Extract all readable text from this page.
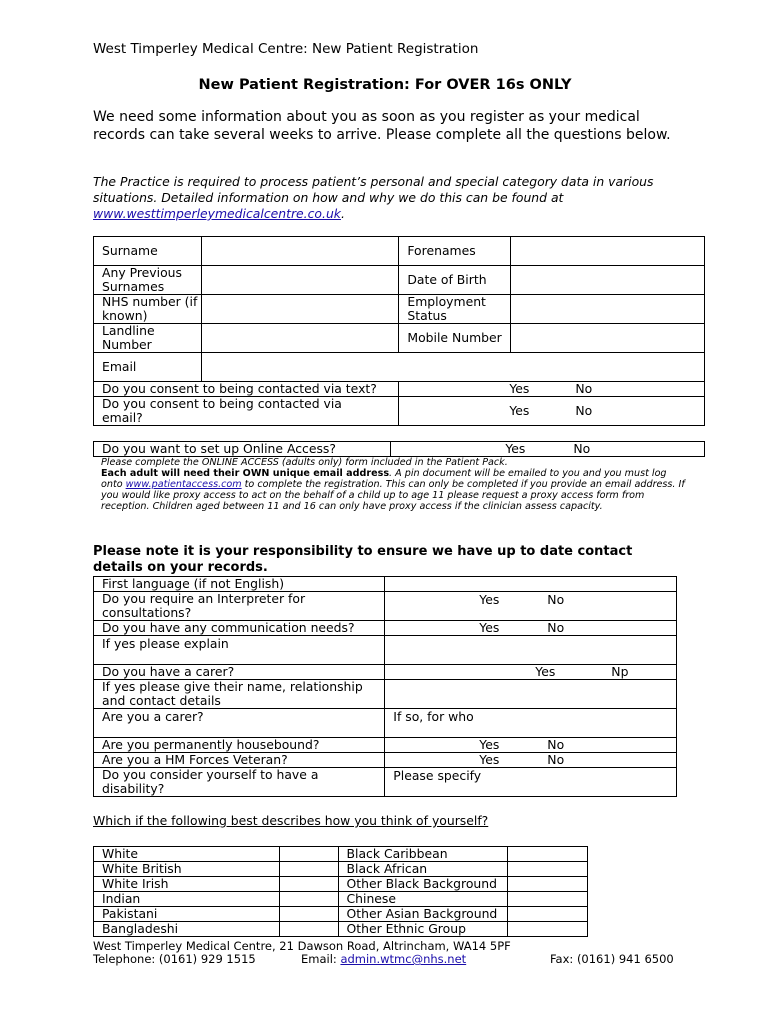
West Timperley Medical Centre: New Patient Registration
New Patient Registration: For OVER 16s ONLY
We need some information about you as soon as you register as your medical records can take several weeks to arrive. Please complete all the questions below.
The Practice is required to process patient’s personal and special category data in various situations. Detailed information on how and why we do this can be found at www.westtimperleymedicalcentre.co.uk.
Surname		Forenames	
Any Previous Surnames		Date of Birth	
NHS number (if known)		Employment Status	
Landline Number		Mobile Number	
Email			
Do you consent to being contacted via text?		Yes No	
Do you consent to being contacted via email?		Yes No	
Do you want to set up Online Access?	Yes	No
Please complete the ONLINE ACCESS (adults only) form included in the Patient Pack.
Each adult will need their OWN unique email address. A pin document will be emailed to you and you must log onto www.patientaccess.com to complete the registration. This can only be completed if you provide an email address. If you would like proxy access to act on the behalf of a child up to age 11 please request a proxy access form from reception. Children aged between 11 and 16 can only have proxy access if the clinician assess capacity.
Please note it is your responsibility to ensure we have up to date contact details on your records.
First language (if not English)	
Do you require an Interpreter for consultations?	Yes No
Do you have any communication needs?	Yes No
If yes please explain	
Do you have a carer?	Yes Np
If yes please give their name, relationship and contact details	
Are you a carer?	If so, for who
Are you permanently housebound?	Yes No
Are you a HM Forces Veteran?	Yes No
Do you consider yourself to have a disability?	Please specify
Which if the following best describes how you think of yourself?
White		Black Caribbean	
White British		Black African	
White Irish		Other Black Background	
Indian		Chinese	
Pakistani		Other Asian Background	
Bangladeshi		Other Ethnic Group	
West Timperley Medical Centre, 21 Dawson Road, Altrincham, WA14 5PF
Telephone: (0161) 929 1515	Email: admin.wtmc@nhs.net	Fax: (0161) 941 6500
